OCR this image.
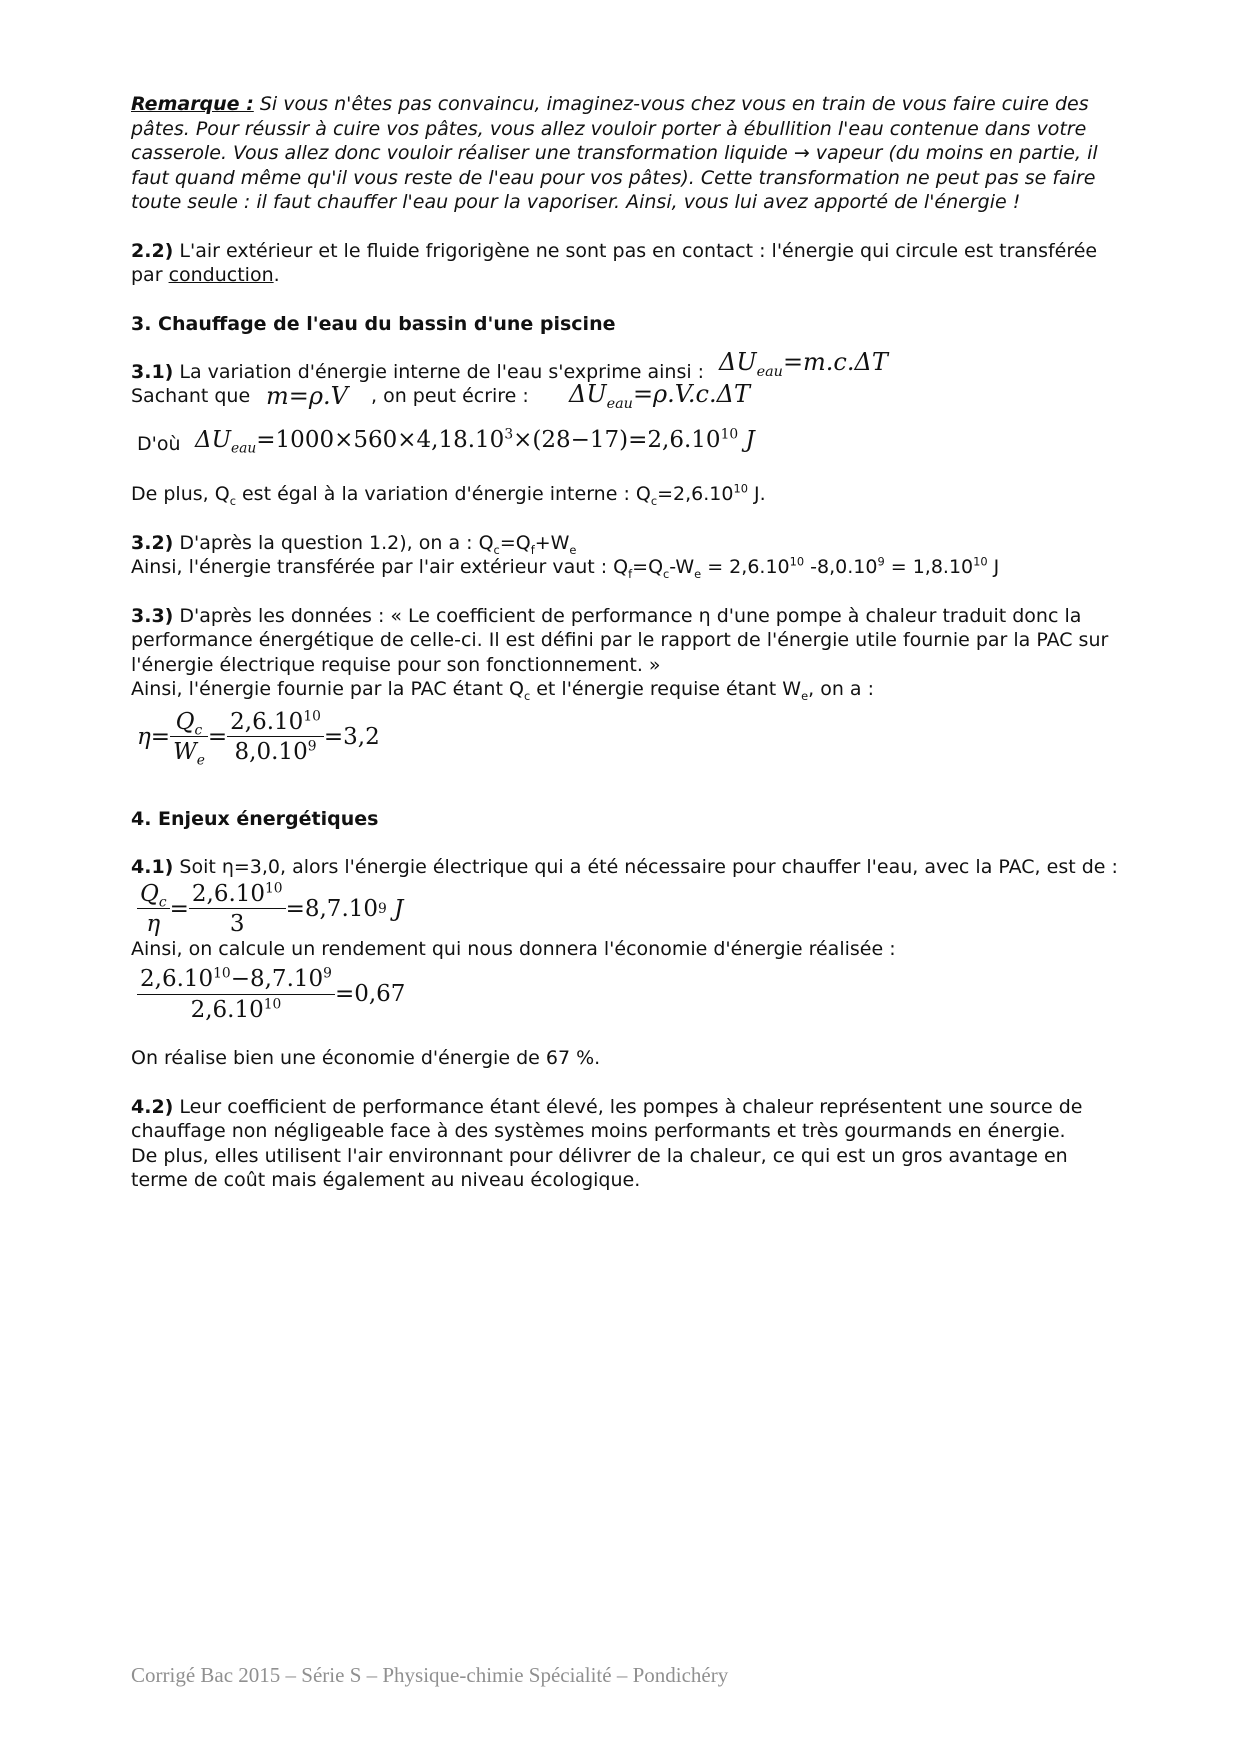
Remarque : Si vous n'êtes pas convaincu, imaginez-vous chez vous en train de vous faire cuire des pâtes. Pour réussir à cuire vos pâtes, vous allez vouloir porter à ébullition l'eau contenue dans votre casserole. Vous allez donc vouloir réaliser une transformation liquide → vapeur (du moins en partie, il faut quand même qu'il vous reste de l'eau pour vos pâtes). Cette transformation ne peut pas se faire toute seule : il faut chauffer l'eau pour la vaporiser. Ainsi, vous lui avez apporté de l'énergie !

2.2) L'air extérieur et le fluide frigorigène ne sont pas en contact : l'énergie qui circule est transférée par conduction.

3. Chauffage de l'eau du bassin d'une piscine

3.1) La variation d'énergie interne de l'eau s'exprime ainsi : $\Delta U_{eau}=m.c.\Delta T$
Sachant que m=ρ.V , on peut écrire : $\Delta U_{eau}=\rho.V.c.\Delta T$
D'où $\Delta U_{eau}=1000\times 560\times 4,18.10^3\times(28-17)=2,6.10^{10}$ J

De plus, $Q_c$ est égal à la variation d'énergie interne : $Q_c=2,6.10^{10}$ J.

3.2) D'après la question 1.2), on a : $Q_c=Q_f+W_e$

Ainsi, l'énergie transférée par l'air extérieur vaut : $Q_f=Q_c-W_e = 2,6.10^{10}$ $-8,0.10^9 = 1,8.10^{10}$ J

3.3) D'après les données : « Le coefficient de performance η d'une pompe à chaleur traduit donc la performance énergétique de celle-ci. Il est défini par le rapport de l'énergie utile fournie par la PAC sur l'énergie électrique requise pour son fonctionnement. »

Ainsi, l'énergie fournie par la PAC étant $Q_c$ et l'énergie requise étant $W_e$, on a :

$\eta= \frac{Q_c}{W_e} = \frac{2,6.10^{10}}{8,0.10^9} =3,2$

4. Enjeux énergétiques

4.1) Soit η=3,0, alors l'énergie électrique qui a été nécessaire pour chauffer l'eau, avec la PAC, est de :

$\frac{Q_c}{\eta} = \frac{2,6.10^{10}}{3} =8,7.10$ 9
J

Ainsi, on calcule un rendement qui nous donnera l'économie d'énergie réalisée :

$\frac{2,6.10^{10}-8,7.10^9}{2,6.10^{10}} =0,67$

On réalise bien une économie d'énergie de 67 %.

4.2) Leur coefficient de performance étant élevé, les pompes à chaleur représentent une source de chauffage non négligeable face à des systèmes moins performants et très gourmands en énergie.

De plus, elles utilisent l'air environnant pour délivrer de la chaleur, ce qui est un gros avantage en terme de coût mais également au niveau écologique.

Corrigé Bac 2015 – Série S – Physique-chimie Spécialité – Pondichéry
